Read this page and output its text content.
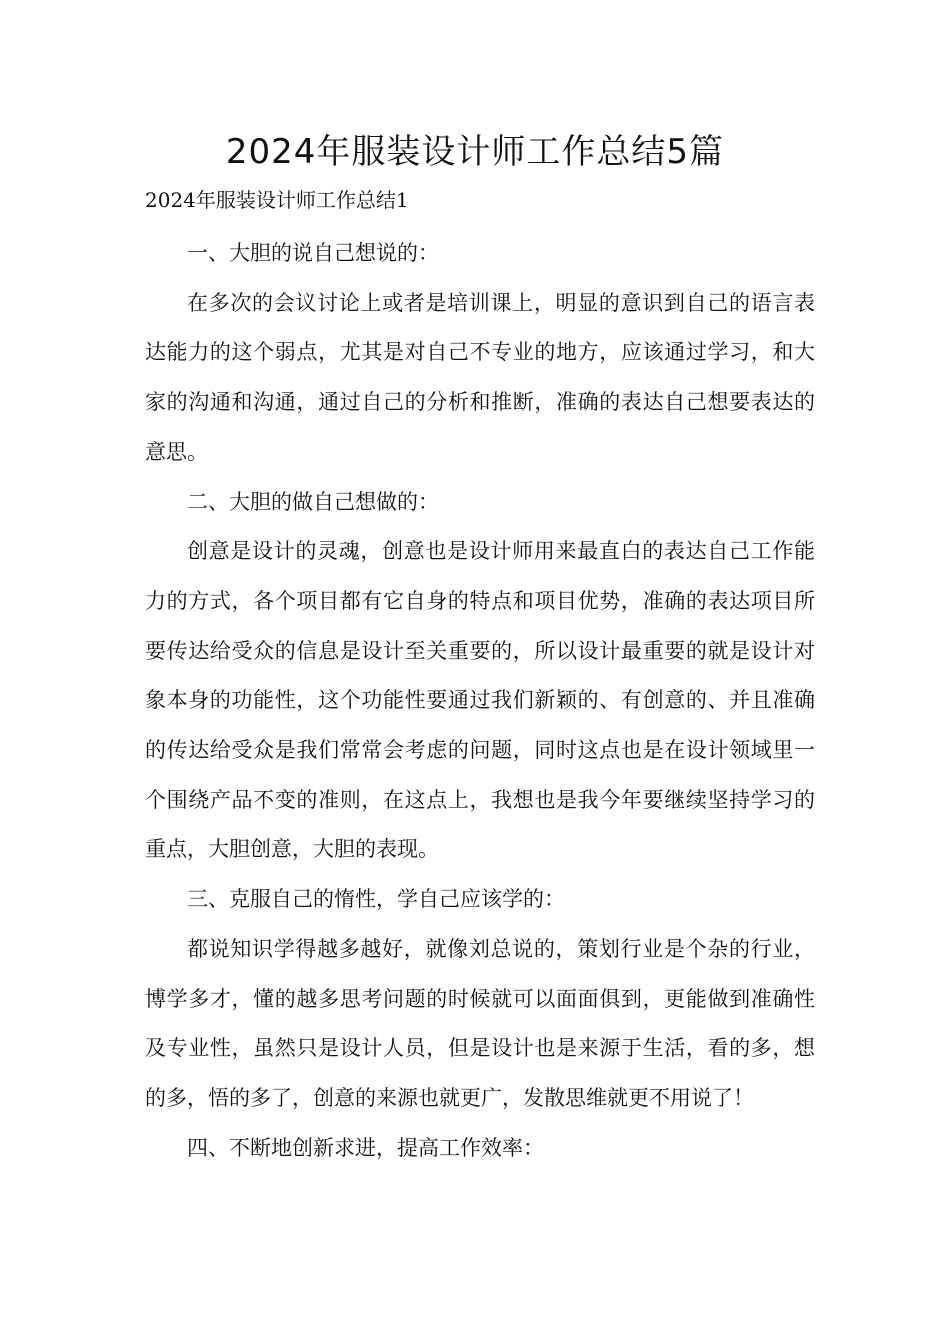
2024年服装设计师工作总结5篇

2024年服装设计师工作总结1

一、大胆的说自己想说的：

在多次的会议讨论上或者是培训课上，明显的意识到自己的语言表达能力的这个弱点，尤其是对自己不专业的地方，应该通过学习，和大家的沟通和沟通，通过自己的分析和推断，准确的表达自己想要表达的意思。

二、大胆的做自己想做的：

创意是设计的灵魂，创意也是设计师用来最直白的表达自己工作能力的方式，各个项目都有它自身的特点和项目优势，准确的表达项目所要传达给受众的信息是设计至关重要的，所以设计最重要的就是设计对象本身的功能性，这个功能性要通过我们新颖的、有创意的、并且准确的传达给受众是我们常常会考虑的问题，同时这点也是在设计领域里一个围绕产品不变的准则，在这点上，我想也是我今年要继续坚持学习的重点，大胆创意，大胆的表现。

三、克服自己的惰性，学自己应该学的：

都说知识学得越多越好，就像刘总说的，策划行业是个杂的行业，博学多才，懂的越多思考问题的时候就可以面面俱到，更能做到准确性及专业性，虽然只是设计人员，但是设计也是来源于生活，看的多，想的多，悟的多了，创意的来源也就更广，发散思维就更不用说了！

四、不断地创新求进，提高工作效率：
